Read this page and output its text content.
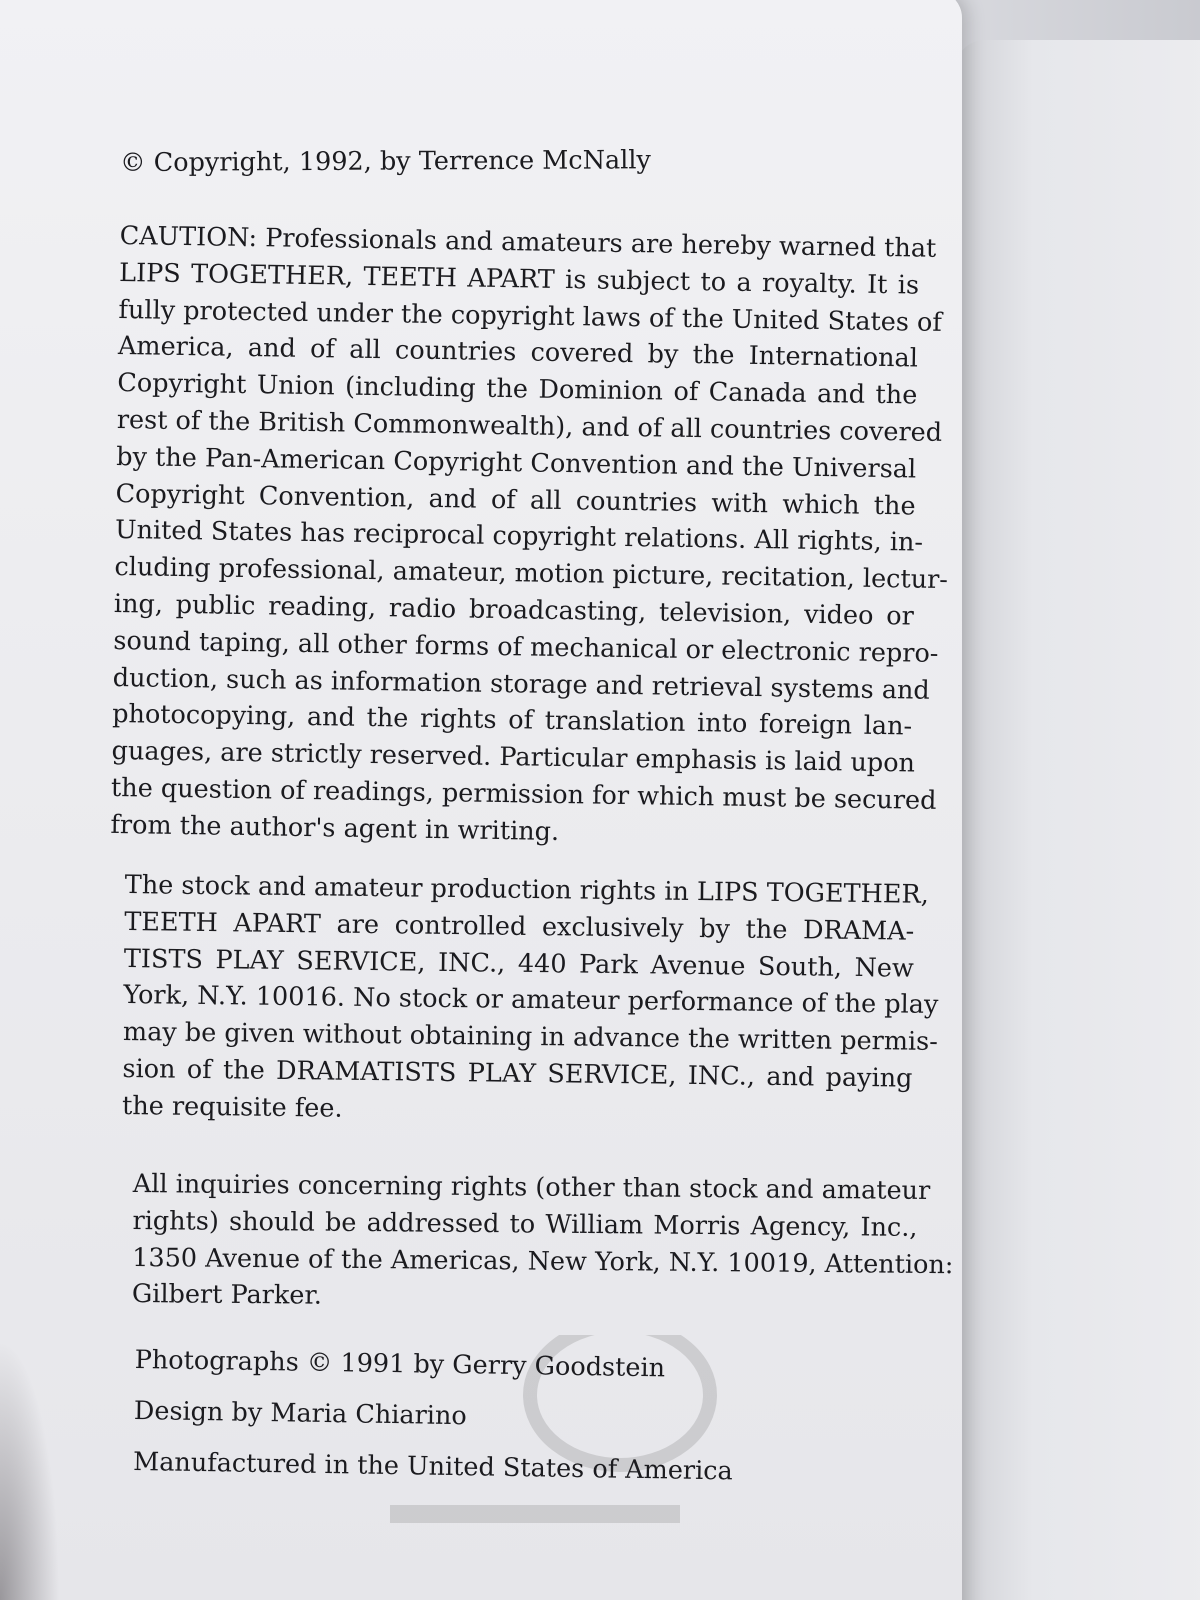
© Copyright, 1992, by Terrence McNally
CAUTION: Professionals and amateurs are hereby warned that
LIPS TOGETHER, TEETH APART is subject to a royalty. It is
fully protected under the copyright laws of the United States of
America, and of all countries covered by the International
Copyright Union (including the Dominion of Canada and the
rest of the British Commonwealth), and of all countries covered
by the Pan-American Copyright Convention and the Universal
Copyright Convention, and of all countries with which the
United States has reciprocal copyright relations. All rights, in-
cluding professional, amateur, motion picture, recitation, lectur-
ing, public reading, radio broadcasting, television, video or
sound taping, all other forms of mechanical or electronic repro-
duction, such as information storage and retrieval systems and
photocopying, and the rights of translation into foreign lan-
guages, are strictly reserved. Particular emphasis is laid upon
the question of readings, permission for which must be secured
from the author's agent in writing.
The stock and amateur production rights in LIPS TOGETHER,
TEETH APART are controlled exclusively by the DRAMA-
TISTS PLAY SERVICE, INC., 440 Park Avenue South, New
York, N.Y. 10016. No stock or amateur performance of the play
may be given without obtaining in advance the written permis-
sion of the DRAMATISTS PLAY SERVICE, INC., and paying
the requisite fee.
All inquiries concerning rights (other than stock and amateur
rights) should be addressed to William Morris Agency, Inc.,
1350 Avenue of the Americas, New York, N.Y. 10019, Attention:
Gilbert Parker.
Photographs © 1991 by Gerry Goodstein
Design by Maria Chiarino
Manufactured in the United States of America
